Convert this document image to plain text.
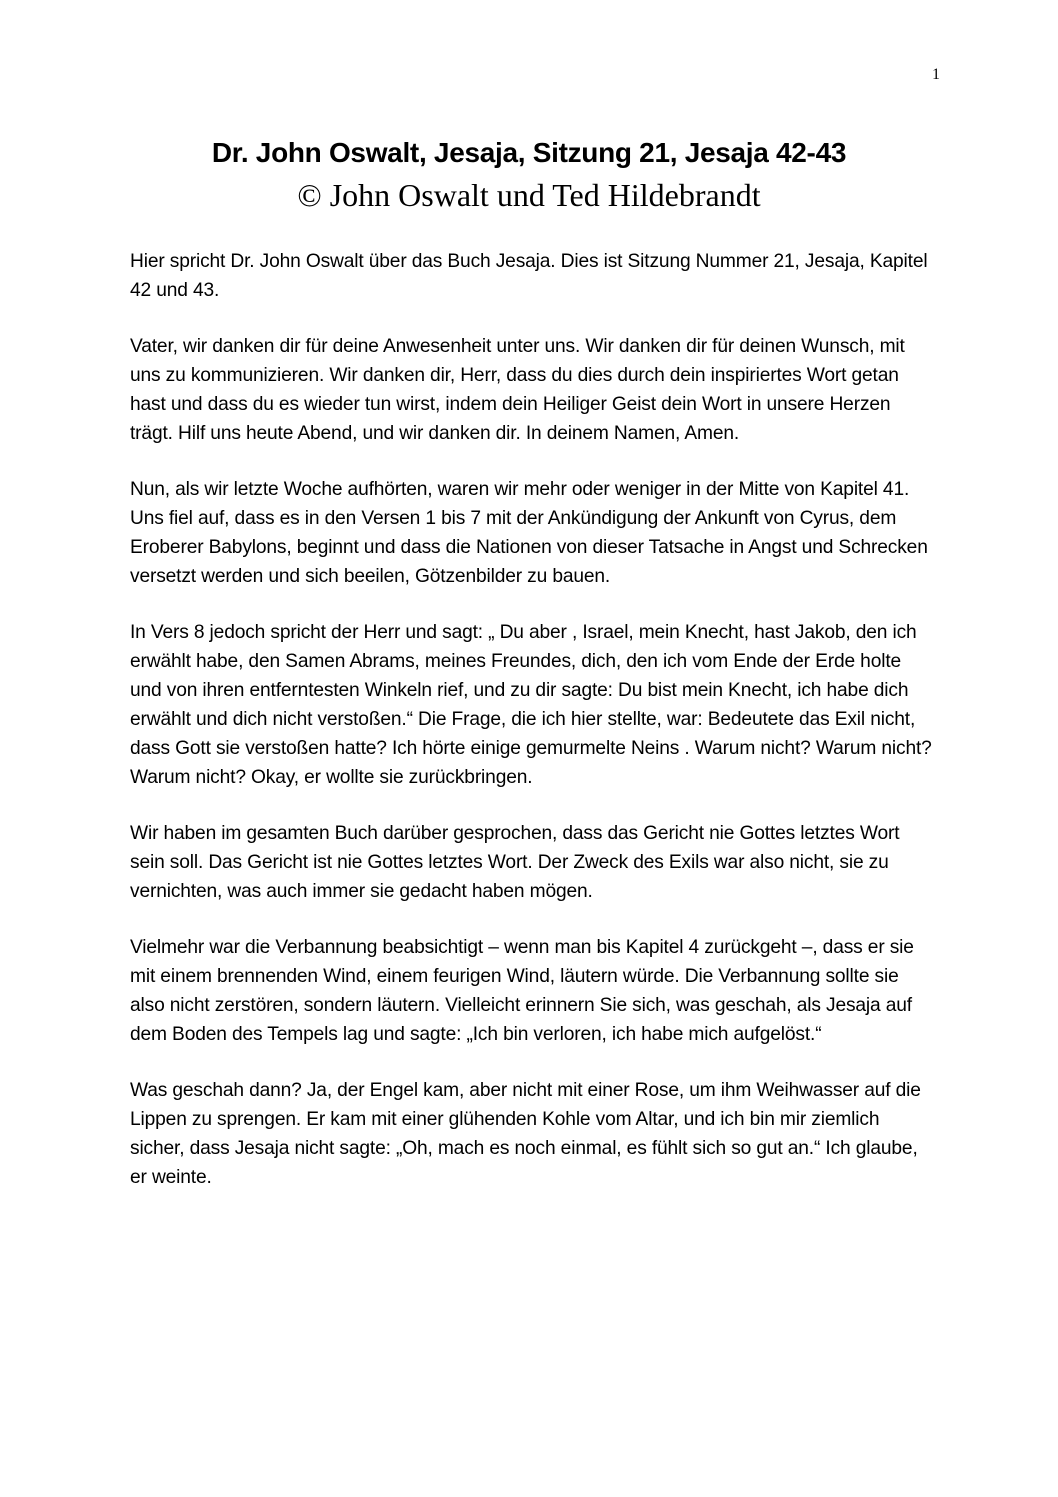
1
Dr. John Oswalt, Jesaja, Sitzung 21, Jesaja 42-43
© John Oswalt und Ted Hildebrandt

Hier spricht Dr. John Oswalt über das Buch Jesaja. Dies ist Sitzung Nummer 21, Jesaja, Kapitel 42 und 43.

Vater, wir danken dir für deine Anwesenheit unter uns. Wir danken dir für deinen Wunsch, mit uns zu kommunizieren. Wir danken dir, Herr, dass du dies durch dein inspiriertes Wort getan hast und dass du es wieder tun wirst, indem dein Heiliger Geist dein Wort in unsere Herzen trägt. Hilf uns heute Abend, und wir danken dir. In deinem Namen, Amen.

Nun, als wir letzte Woche aufhörten, waren wir mehr oder weniger in der Mitte von Kapitel 41. Uns fiel auf, dass es in den Versen 1 bis 7 mit der Ankündigung der Ankunft von Cyrus, dem Eroberer Babylons, beginnt und dass die Nationen von dieser Tatsache in Angst und Schrecken versetzt werden und sich beeilen, Götzenbilder zu bauen.

In Vers 8 jedoch spricht der Herr und sagt: „ Du aber , Israel, mein Knecht, hast Jakob, den ich erwählt habe, den Samen Abrams, meines Freundes, dich, den ich vom Ende der Erde holte und von ihren entferntesten Winkeln rief, und zu dir sagte: Du bist mein Knecht, ich habe dich erwählt und dich nicht verstoßen.“ Die Frage, die ich hier stellte, war: Bedeutete das Exil nicht, dass Gott sie verstoßen hatte? Ich hörte einige gemurmelte Neins . Warum nicht? Warum nicht? Warum nicht? Okay, er wollte sie zurückbringen.

Wir haben im gesamten Buch darüber gesprochen, dass das Gericht nie Gottes letztes Wort sein soll. Das Gericht ist nie Gottes letztes Wort. Der Zweck des Exils war also nicht, sie zu vernichten, was auch immer sie gedacht haben mögen.

Vielmehr war die Verbannung beabsichtigt – wenn man bis Kapitel 4 zurückgeht –, dass er sie mit einem brennenden Wind, einem feurigen Wind, läutern würde. Die Verbannung sollte sie also nicht zerstören, sondern läutern. Vielleicht erinnern Sie sich, was geschah, als Jesaja auf dem Boden des Tempels lag und sagte: „Ich bin verloren, ich habe mich aufgelöst.“

Was geschah dann? Ja, der Engel kam, aber nicht mit einer Rose, um ihm Weihwasser auf die Lippen zu sprengen. Er kam mit einer glühenden Kohle vom Altar, und ich bin mir ziemlich sicher, dass Jesaja nicht sagte: „Oh, mach es noch einmal, es fühlt sich so gut an.“ Ich glaube, er weinte.
